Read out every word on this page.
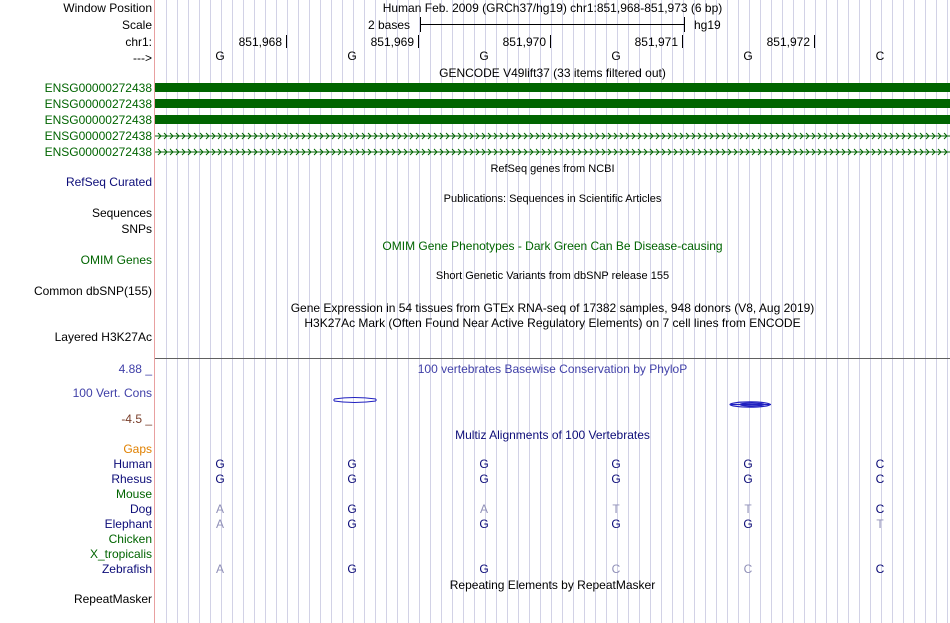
Window Position
Scale
chr1:
--->
Human Feb. 2009 (GRCh37/hg19) chr1:851,968-851,973 (6 bp)
2 bases	hg19
851,968	851,969	851,970	851,971	851,972
G	G	G	G	G	C
GENCODE V49lift37 (33 items filtered out)
ENSG00000272438
ENSG00000272438
ENSG00000272438
ENSG00000272438
ENSG00000272438
RefSeq genes from NCBI
RefSeq Curated
Publications: Sequences in Scientific Articles
Sequences
SNPs
OMIM Gene Phenotypes - Dark Green Can Be Disease-causing
OMIM Genes
Short Genetic Variants from dbSNP release 155
Common dbSNP(155)
Gene Expression in 54 tissues from GTEx RNA-seq of 17382 samples, 948 donors (V8, Aug 2019)
H3K27Ac Mark (Often Found Near Active Regulatory Elements) on 7 cell lines from ENCODE
Layered H3K27Ac
100 vertebrates Basewise Conservation by PhyloP
4.88 _
100 Vert. Cons
-4.5 _
Multiz Alignments of 100 Vertebrates
Gaps
Human	G	G	G	G	G	C
Rhesus	G	G	G	G	G	C
Mouse
Dog	A	G	A	T	T	C
Elephant	A	G	G	G	G	T
Chicken
X_tropicalis
Zebrafish	A	G	G	C	C	C
Repeating Elements by RepeatMasker
RepeatMasker
